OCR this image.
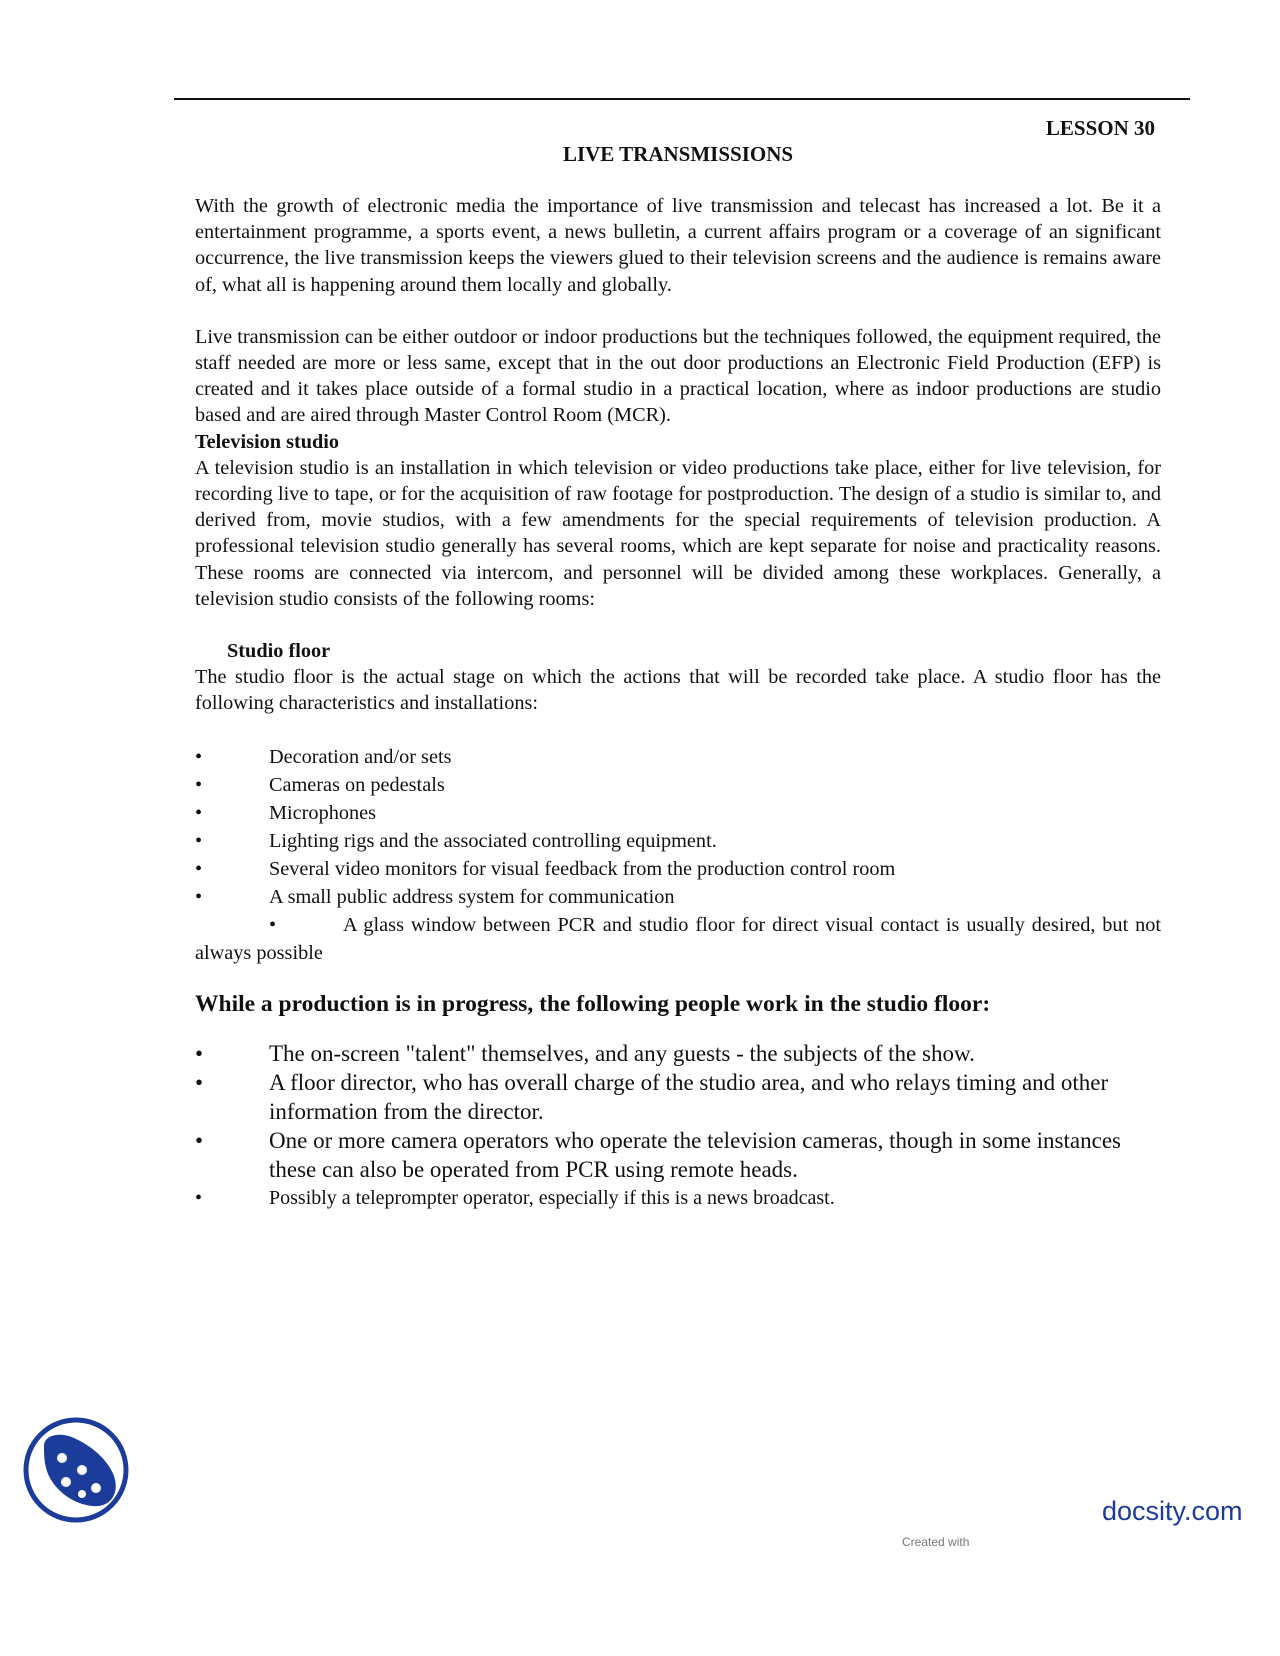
LESSON 30
LIVE TRANSMISSIONS

With the growth of electronic media the importance of live transmission and telecast has increased a lot. Be it a entertainment programme, a sports event, a news bulletin, a current affairs program or a coverage of an significant occurrence, the live transmission keeps the viewers glued to their television screens and the audience is remains aware of, what all is happening around them locally and globally.

Live transmission can be either outdoor or indoor productions but the techniques followed, the equipment required, the staff needed are more or less same, except that in the out door productions an Electronic Field Production (EFP) is created and it takes place outside of a formal studio in a practical location, where as indoor productions are studio based and are aired through Master Control Room (MCR).

Television studio

A television studio is an installation in which television or video productions take place, either for live television, for recording live to tape, or for the acquisition of raw footage for postproduction. The design of a studio is similar to, and derived from, movie studios, with a few amendments for the special requirements of television production. A professional television studio generally has several rooms, which are kept separate for noise and practicality reasons. These rooms are connected via intercom, and personnel will be divided among these workplaces. Generally, a television studio consists of the following rooms:

Studio floor

The studio floor is the actual stage on which the actions that will be recorded take place. A studio floor has the following characteristics and installations:

•	Decoration and/or sets
•	Cameras on pedestals
•	Microphones
•	Lighting rigs and the associated controlling equipment.
•	Several video monitors for visual feedback from the production control room
•	A small public address system for communication
•	A glass window between PCR and studio floor for direct visual contact is usually desired, but not always possible

While a production is in progress, the following people work in the studio floor:

•	The on-screen "talent" themselves, and any guests - the subjects of the show.
•	A floor director, who has overall charge of the studio area, and who relays timing and other information from the director.
•	One or more camera operators who operate the television cameras, though in some instances these can also be operated from PCR using remote heads.
•	Possibly a teleprompter operator, especially if this is a news broadcast.
docsity.com
Created with
